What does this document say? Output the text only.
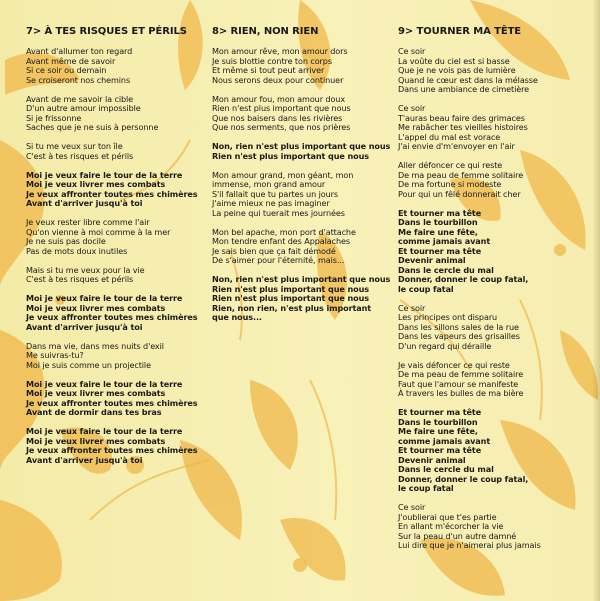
7> À TES RISQUES ET PÉRILS
Avant d'allumer ton regard
Avant même de savoir
Si ce soir ou demain
Se croiseront nos chemins
Avant de me savoir la cible
D'un autre amour impossible
Si je frissonne
Saches que je ne suis à personne
Si tu me veux sur ton île
C'est à tes risques et périls
Moi je veux faire le tour de la terre
Moi je veux livrer mes combats
Je veux affronter toutes mes chimères
Avant d'arriver jusqu'à toi
Je veux rester libre comme l'air
Qu'on vienne à moi comme à la mer
Je ne suis pas docile
Pas de mots doux inutiles
Mais si tu me veux pour la vie
C'est à tes risques et périls
Moi je veux faire le tour de la terre
Moi je veux livrer mes combats
Je veux affronter toutes mes chimères
Avant d'arriver jusqu'à toi
Dans ma vie, dans mes nuits d'exil
Me suivras-tu?
Moi je suis comme un projectile
Moi je veux faire le tour de la terre
Moi je veux livrer mes combats
Je veux affronter toutes mes chimères
Avant de dormir dans tes bras
Moi je veux faire le tour de la terre
Moi je veux livrer mes combats
Je veux affronter toutes mes chimères
Avant d'arriver jusqu'à toi
8> RIEN, NON RIEN
Mon amour rêve, mon amour dors
Je suis blottie contre ton corps
Et même si tout peut arriver
Nous serons deux pour continuer
Mon amour fou, mon amour doux
Rien n'est plus important que nous
Que nos baisers dans les rivières
Que nos serments, que nos prières
Non, rien n'est plus important que nous
Rien n'est plus important que nous
Mon amour grand, mon géant, mon
immense, mon grand amour
S'il fallait que tu partes un jours
J'aime mieux ne pas imaginer
La peine qui tuerait mes journées
Mon bel apache, mon port d'attache
Mon tendre enfant des Appalaches
Je sais bien que ça fait démodé
De s'aimer pour l'éternité, mais...
Non, rien n'est plus important que nous
Rien n'est plus important que nous
Rien n'est plus important que nous
Rien, non rien, n'est plus important
que nous...
9> TOURNER MA TÊTE
Ce soir
La voûte du ciel est si basse
Que je ne vois pas de lumière
Quand le cœur est dans la mélasse
Dans une ambiance de cimetière
Ce soir
T'auras beau faire des grimaces
Me rabâcher tes vieilles histoires
L'appel du mal est vorace
J'ai envie d'm'envoyer en l'air
Aller défoncer ce qui reste
De ma peau de femme solitaire
De ma fortune si modeste
Pour qui un fêlé donnerait cher
Et tourner ma tête
Dans le tourbillon
Me faire une fête,
comme jamais avant
Et tourner ma tête
Devenir animal
Dans le cercle du mal
Donner, donner le coup fatal,
le coup fatal
Ce soir
Les principes ont disparu
Dans les sillons sales de la rue
Dans les vapeurs des grisailles
D'un regard qui déraille
Je vais défoncer ce qui reste
De ma peau de femme solitaire
Faut que l'amour se manifeste
À travers les bulles de ma bière
Et tourner ma tête
Dans le tourbillon
Me faire une fête,
comme jamais avant
Et tourner ma tête
Devenir animal
Dans le cercle du mal
Donner, donner le coup fatal,
le coup fatal
Ce soir
J'oublierai que t'es partie
En allant m'écorcher la vie
Sur la peau d'un autre damné
Lui dire que je n'aimerai plus jamais
